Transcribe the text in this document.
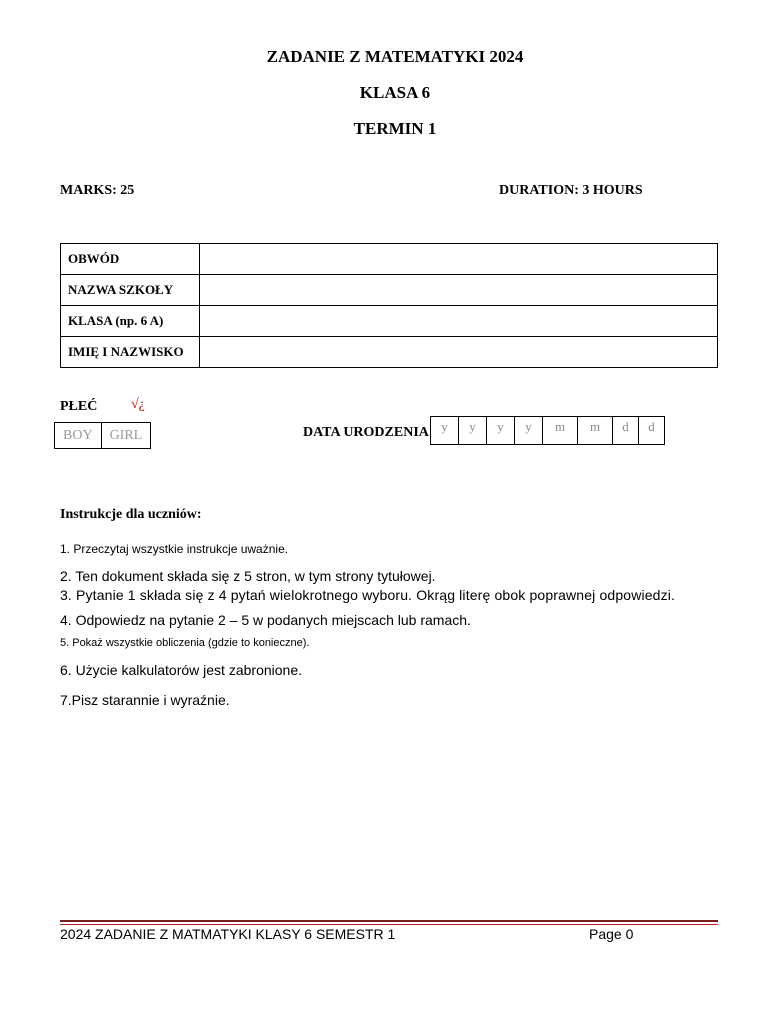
ZADANIE Z MATEMATYKI 2024
KLASA 6
TERMIN 1
MARKS: 25	DURATION: 3 HOURS
OBWÓD	
NAZWA SZKOŁY	
KLASA (np. 6 A)	
IMIĘ I NAZWISKO	
PŁEĆ √¿
BOY	GIRL	DATA URODZENIA y	y	y	y	m	m	d	d
Instrukcje dla uczniów:
1. Przeczytaj wszystkie instrukcje uważnie.
2. Ten dokument składa się z 5 stron, w tym strony tytułowej.
3. Pytanie 1 składa się z 4 pytań wielokrotnego wyboru. Okrąg literę obok poprawnej odpowiedzi.
4. Odpowiedz na pytanie 2 – 5 w podanych miejscach lub ramach.
5. Pokaż wszystkie obliczenia (gdzie to konieczne).
6. Użycie kalkulatorów jest zabronione.
7.Pisz starannie i wyraźnie.
2024 ZADANIE Z MATMATYKI KLASY 6 SEMESTR 1	Page 0
